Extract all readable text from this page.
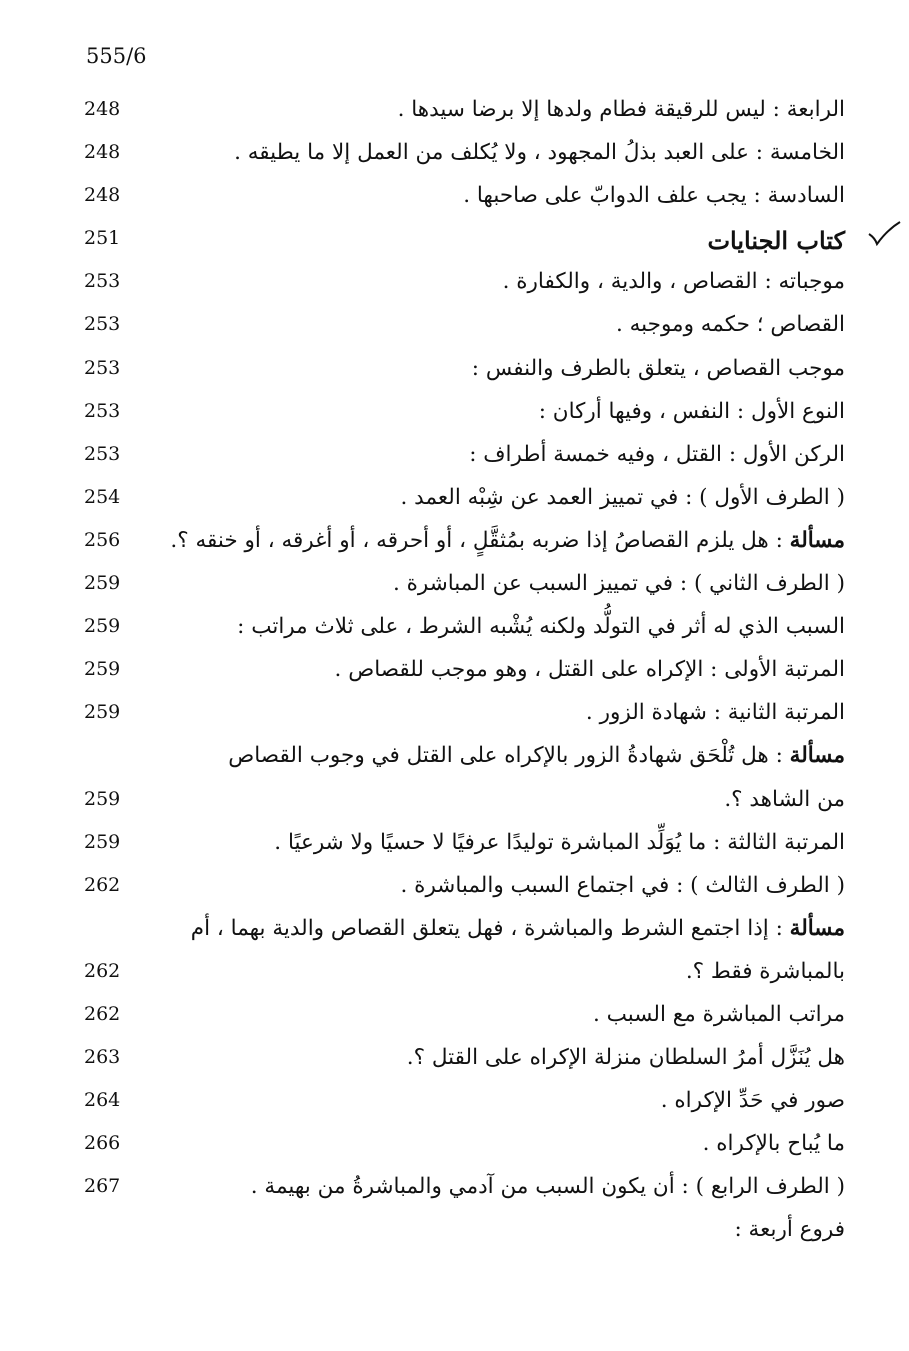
555/6
الرابعة : ليس للرقيقة فطام ولدها إلا برضا سيدها .
248
الخامسة : على العبد بذلُ المجهود ، ولا يُكلف من العمل إلا ما يطيقه .
248
السادسة : يجب علف الدوابّ على صاحبها .
248
كتاب الجنايات
251
موجباته : القصاص ، والدية ، والكفارة .
253
القصاص ؛ حكمه وموجبه .
253
موجب القصاص ، يتعلق بالطرف والنفس :
253
النوع الأول : النفس ، وفيها أركان :
253
الركن الأول : القتل ، وفيه خمسة أطراف :
253
( الطرف الأول ) : في تمييز العمد عن شِبْه العمد .
254
مسألة : هل يلزم القصاصُ إذا ضربه بمُثقَّلٍ ، أو أحرقه ، أو أغرقه ، أو خنقه ؟.
256
( الطرف الثاني ) : في تمييز السبب عن المباشرة .
259
السبب الذي له أثر في التولُّد ولكنه يُشْبه الشرط ، على ثلاث مراتب :
259
المرتبة الأولى : الإكراه على القتل ، وهو موجب للقصاص .
259
المرتبة الثانية : شهادة الزور .
259
مسألة : هل تُلْحَق شهادةُ الزور بالإكراه على القتل في وجوب القصاص
من الشاهد ؟.
259
المرتبة الثالثة : ما يُوَلِّد المباشرة توليدًا عرفيًا لا حسيًا ولا شرعيًا .
259
( الطرف الثالث ) : في اجتماع السبب والمباشرة .
262
مسألة : إذا اجتمع الشرط والمباشرة ، فهل يتعلق القصاص والدية بهما ، أم
بالمباشرة فقط ؟.
262
مراتب المباشرة مع السبب .
262
هل يُنَزَّل أمرُ السلطان منزلة الإكراه على القتل ؟.
263
صور في حَدِّ الإكراه .
264
ما يُباح بالإكراه .
266
( الطرف الرابع ) : أن يكون السبب من آدمي والمباشرةُ من بهيمة .
267
فروع أربعة :
